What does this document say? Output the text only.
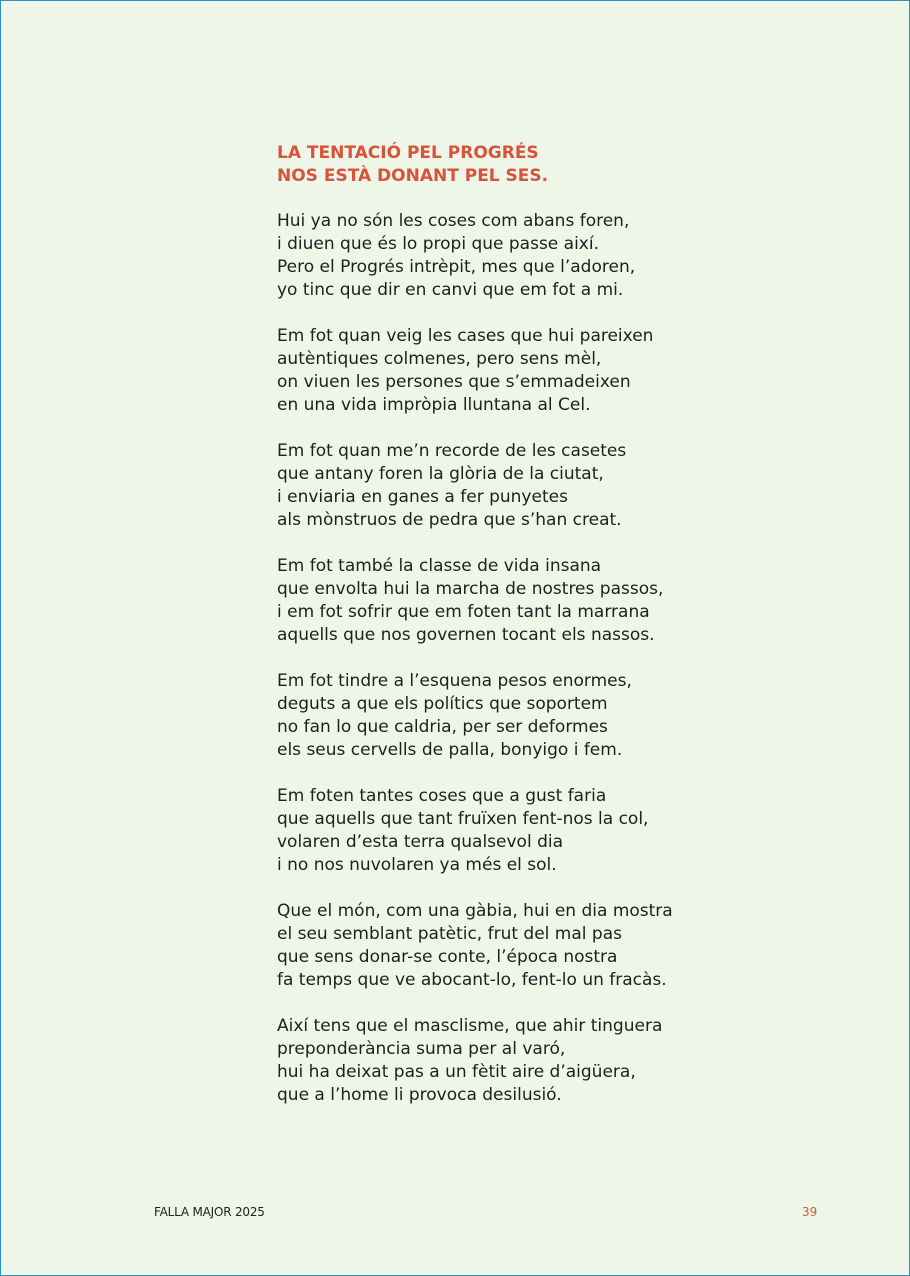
LA TENTACIÓ PEL PROGRÉS
NOS ESTÀ DONANT PEL SES.
Hui ya no són les coses com abans foren,
i diuen que és lo propi que passe així.
Pero el Progrés intrèpit, mes que l’adoren,
yo tinc que dir en canvi que em fot a mi.
Em fot quan veig les cases que hui pareixen
autèntiques colmenes, pero sens mèl,
on viuen les persones que s’emmadeixen
en una vida impròpia lluntana al Cel.
Em fot quan me’n recorde de les casetes
que antany foren la glòria de la ciutat,
i enviaria en ganes a fer punyetes
als mònstruos de pedra que s’han creat.
Em fot també la classe de vida insana
que envolta hui la marcha de nostres passos,
i em fot sofrir que em foten tant la marrana
aquells que nos governen tocant els nassos.
Em fot tindre a l’esquena pesos enormes,
deguts a que els polítics que soportem
no fan lo que caldria, per ser deformes
els seus cervells de palla, bonyigo i fem.
Em foten tantes coses que a gust faria
que aquells que tant fruïxen fent-nos la col,
volaren d’esta terra qualsevol dia
i no nos nuvolaren ya més el sol.
Que el món, com una gàbia, hui en dia mostra
el seu semblant patètic, frut del mal pas
que sens donar-se conte, l’época nostra
fa temps que ve abocant-lo, fent-lo un fracàs.
Així tens que el masclisme, que ahir tinguera
preponderància suma per al varó,
hui ha deixat pas a un fètit aire d’aigüera,
que a l’home li provoca desilusió.
FALLA MAJOR 2025	39
